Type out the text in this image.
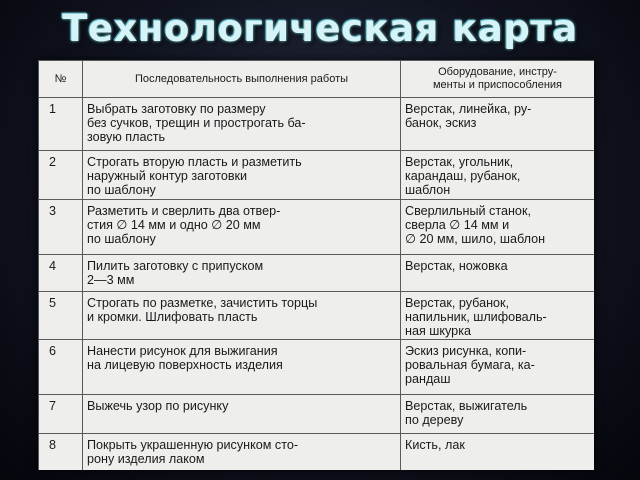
Технологическая карта
№	Последовательность выполнения работы	Оборудование, инстру-
менты и приспособления

1	Выбрать заготовку по размеру
без сучков, трещин и прострогать ба-
зовую пласть	Верстак, линейка, ру-
банок, эскиз

2	Строгать вторую пласть и разметить
наружный контур заготовки
по шаблону	Верстак, угольник,
карандаш, рубанок,
шаблон

3	Разметить и сверлить два отвер-
стия ∅ 14 мм и одно ∅ 20 мм
по шаблону	Сверлильный станок,
сверла ∅ 14 мм и
∅ 20 мм, шило, шаблон

4	Пилить заготовку с припуском
2—3 мм	Верстак, ножовка

5	Строгать по разметке, зачистить торцы
и кромки. Шлифовать пласть	Верстак, рубанок,
напильник, шлифоваль-
ная шкурка

6	Нанести рисунок для выжигания
на лицевую поверхность изделия	Эскиз рисунка, копи-
ровальная бумага, ка-
рандаш

7	Выжечь узор по рисунку	Верстак, выжигатель
по дереву

8	Покрыть украшенную рисунком сто-
рону изделия лаком	Кисть, лак
